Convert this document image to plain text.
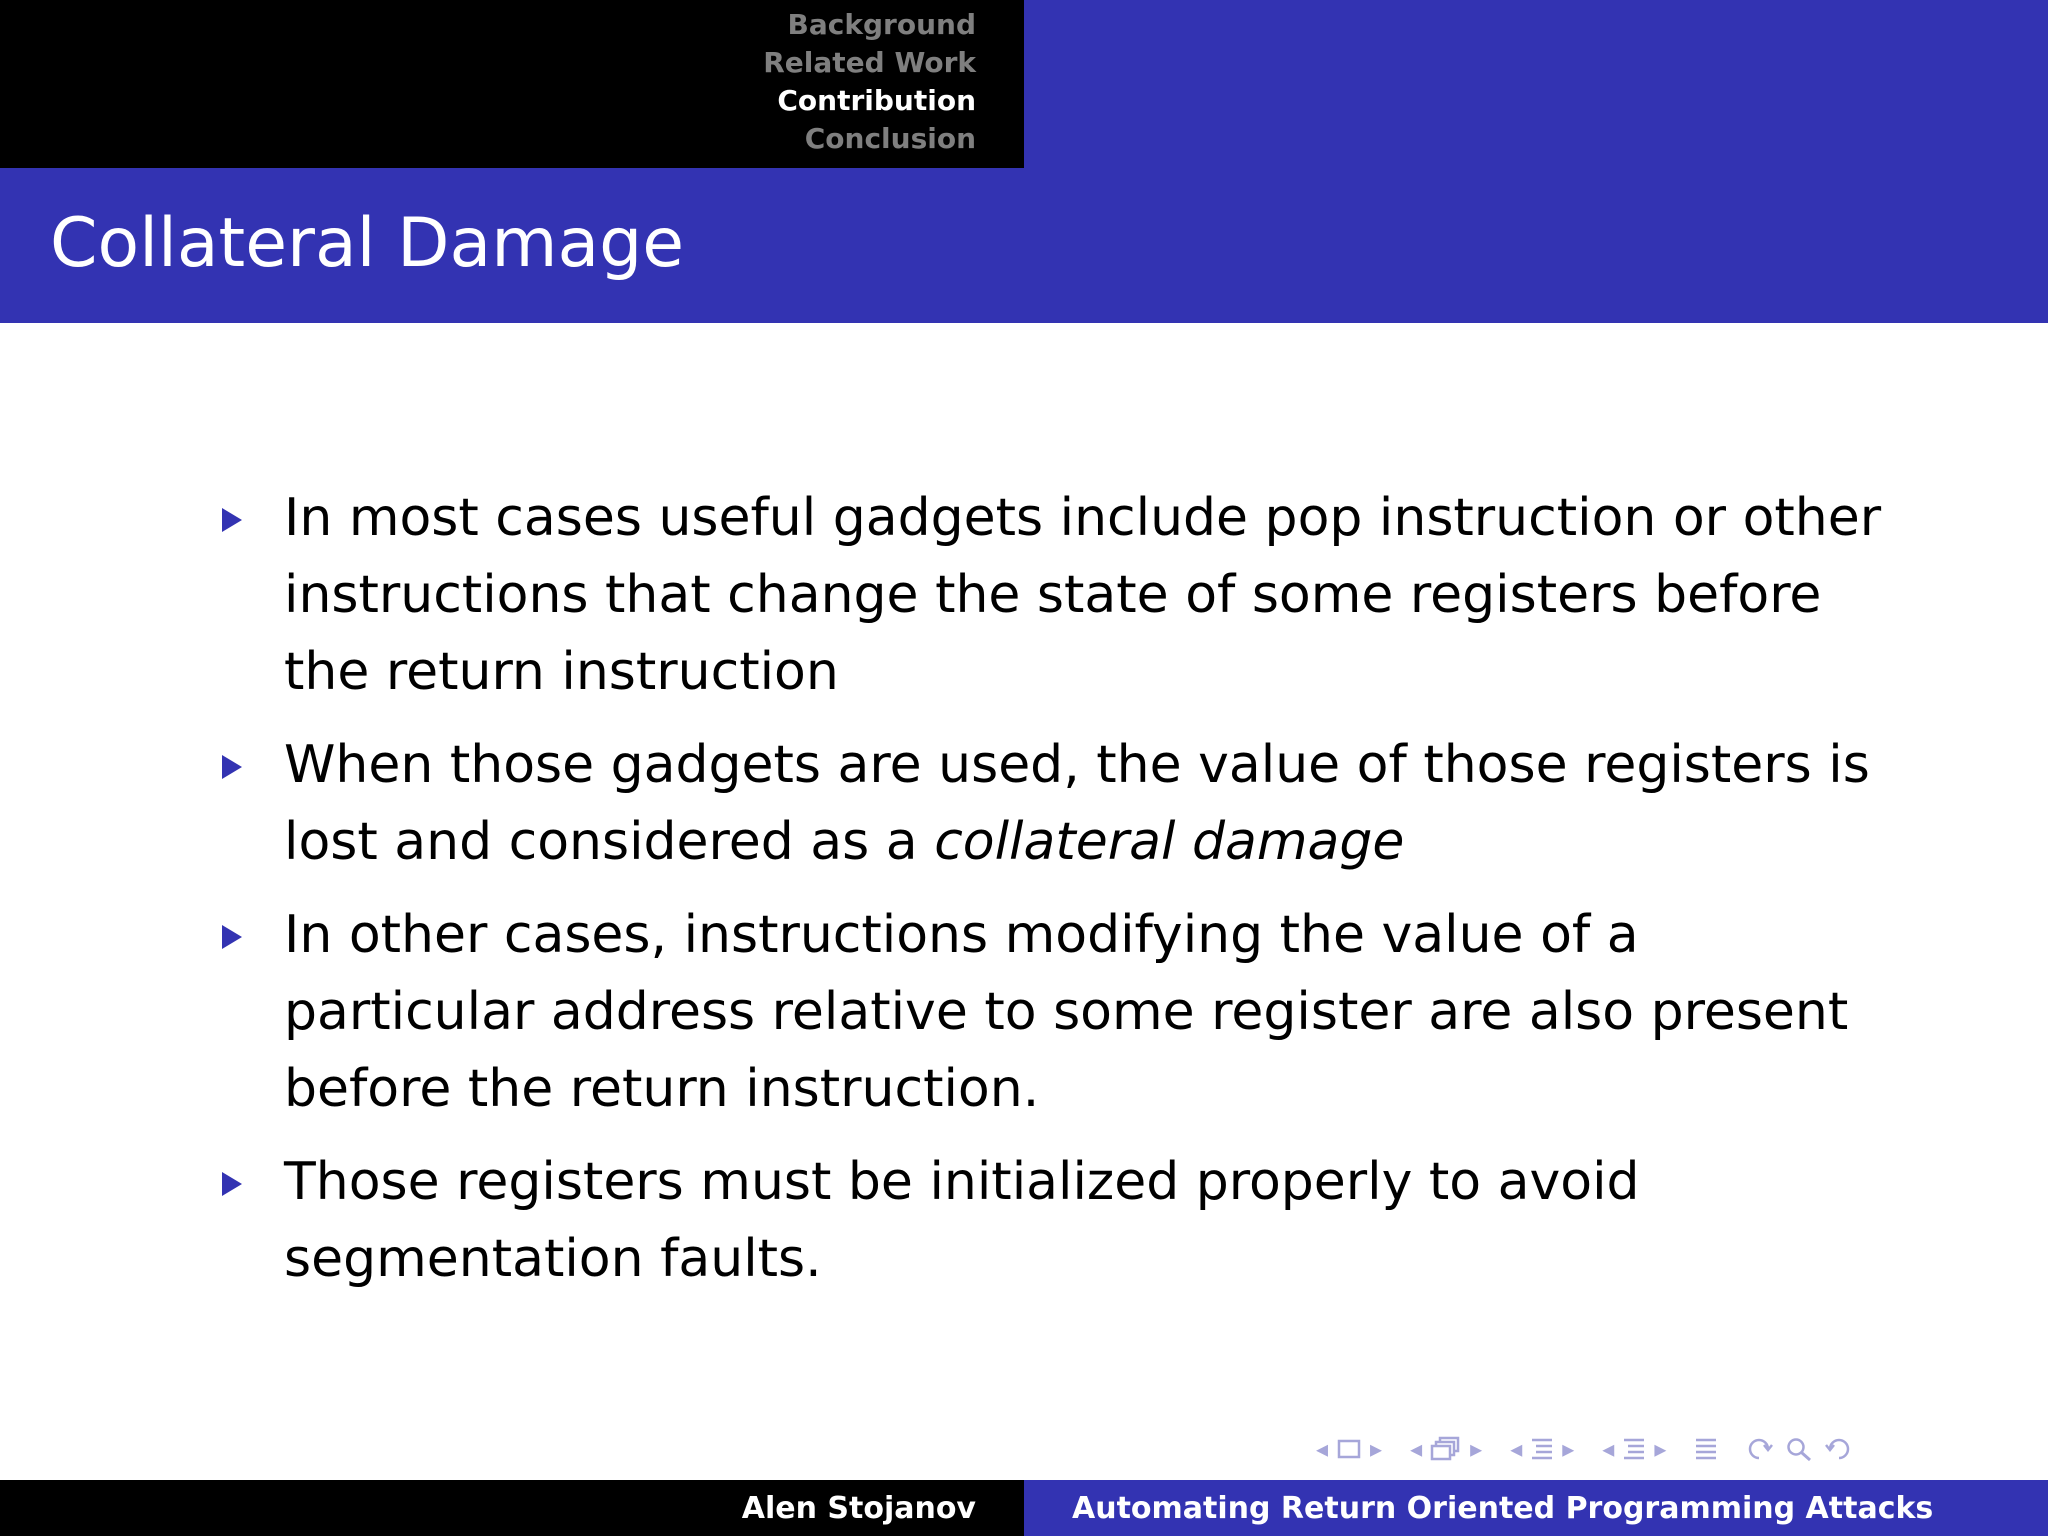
Background
Related Work
Contribution
Conclusion
Collateral Damage
In most cases useful gadgets include pop instruction or other instructions that change the state of some registers before the return instruction
When those gadgets are used, the value of those registers is lost and considered as a collateral damage
In other cases, instructions modifying the value of a particular address relative to some register are also present before the return instruction.
Those registers must be initialized properly to avoid segmentation faults.
◂ ▸ ◂ ▸ ◂ ▸ ◂ ▸
Alen Stojanov	Automating Return Oriented Programming Attacks
